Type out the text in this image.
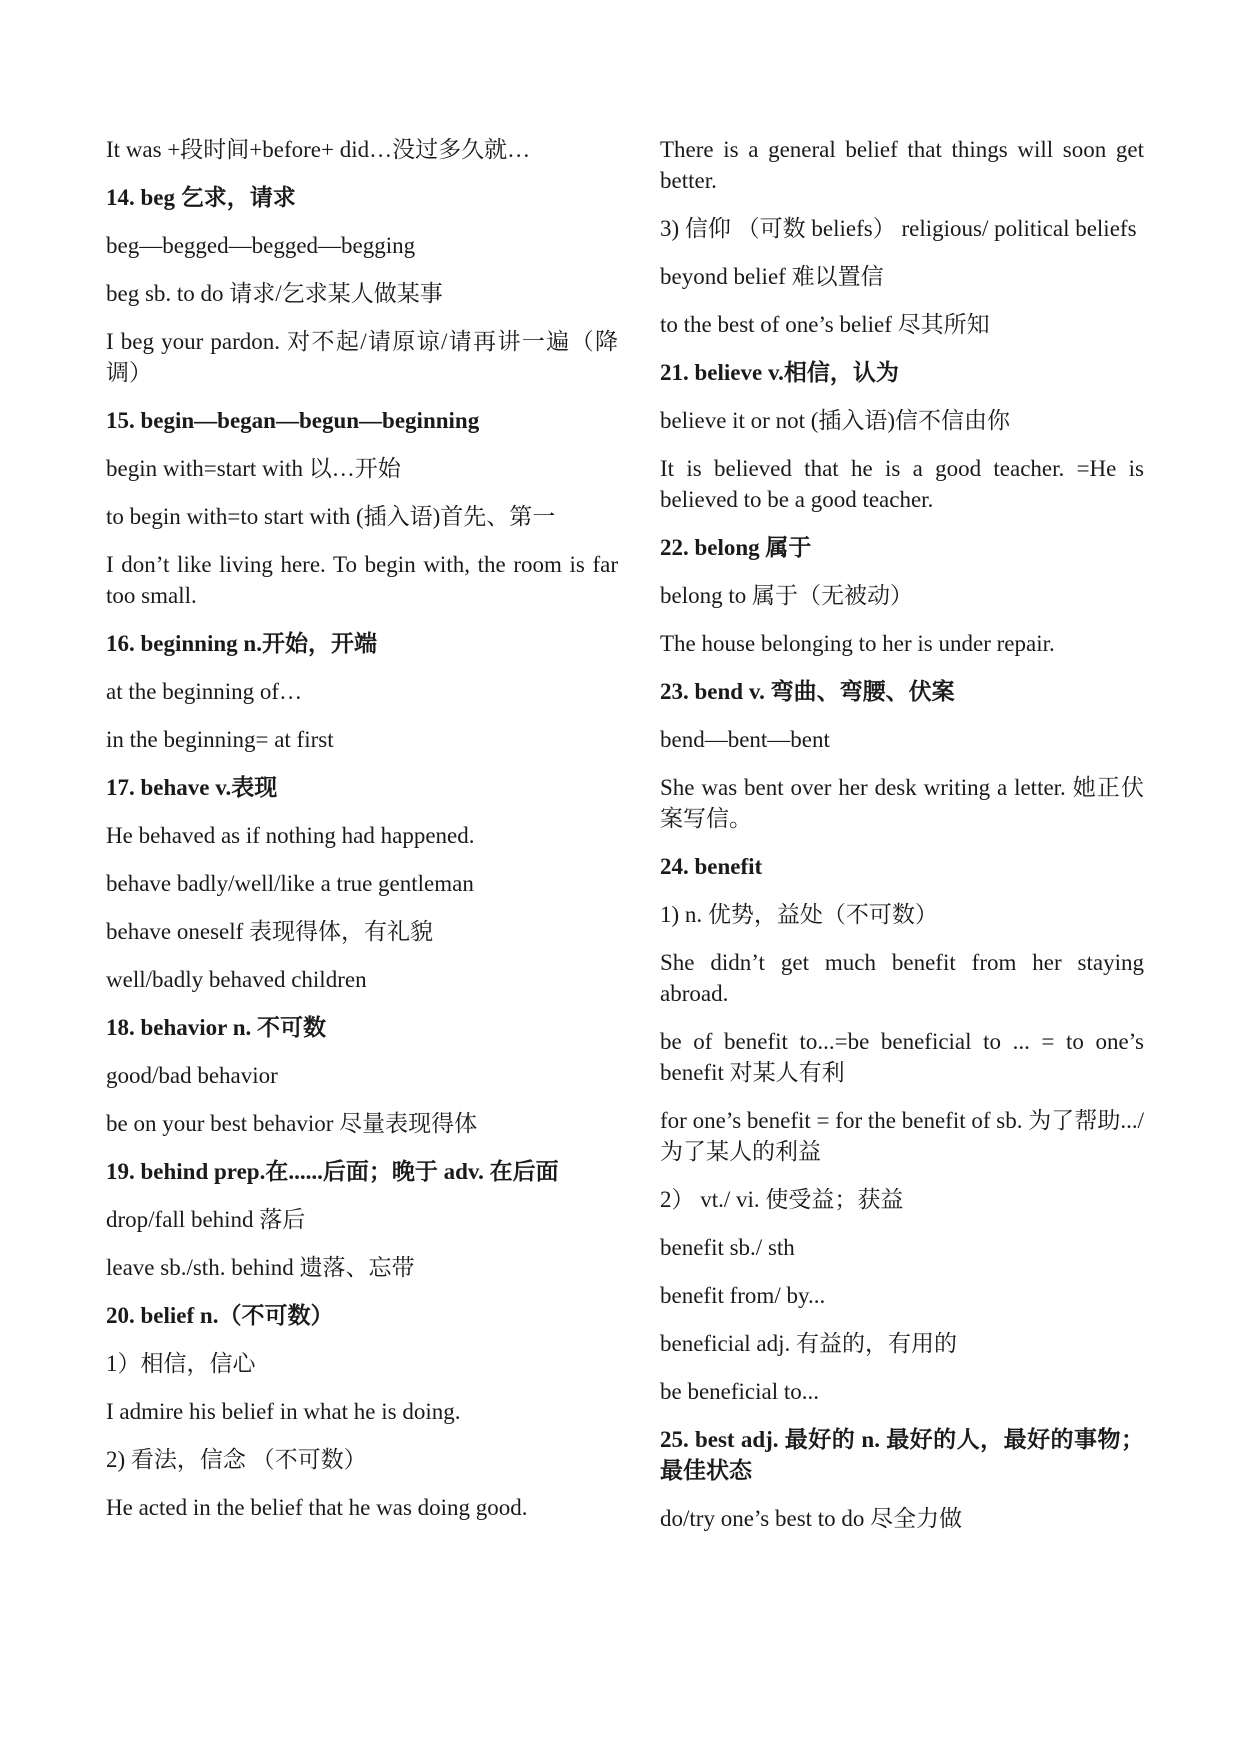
It was +段时间+before+ did…没过多久就…

14. beg 乞求，请求

beg—begged—begged—begging

beg sb. to do 请求/乞求某人做某事

I beg your pardon. 对不起/请原谅/请再讲一遍（降调）

15. begin—began—begun—beginning

begin with=start with 以…开始

to begin with=to start with (插入语)首先、第一

I don’t like living here. To begin with, the room is far too small.

16. beginning n.开始，开端

at the beginning of…

in the beginning= at first

17. behave v.表现

He behaved as if nothing had happened.

behave badly/well/like a true gentleman

behave oneself 表现得体，有礼貌

well/badly behaved children

18. behavior n. 不可数

good/bad behavior

be on your best behavior 尽量表现得体

19. behind prep.在......后面；晚于 adv. 在后面

drop/fall behind 落后

leave sb./sth. behind 遗落、忘带

20. belief n.（不可数）

1）相信，信心

I admire his belief in what he is doing.

2) 看法，信念 （不可数）

He acted in the belief that he was doing good.

There is a general belief that things will soon get better.

3) 信仰 （可数 beliefs） religious/ political beliefs

beyond belief 难以置信

to the best of one’s belief 尽其所知

21. believe v.相信，认为

believe it or not (插入语)信不信由你

It is believed that he is a good teacher. =He is believed to be a good teacher.

22. belong 属于

belong to 属于（无被动）

The house belonging to her is under repair.

23. bend v. 弯曲、弯腰、伏案

bend—bent—bent

She was bent over her desk writing a letter. 她正伏案写信。

24. benefit

1) n. 优势，益处（不可数）

She didn’t get much benefit from her staying abroad.

be of benefit to...=be beneficial to ... = to one’s benefit 对某人有利

for one’s benefit = for the benefit of sb. 为了帮助.../为了某人的利益

2） vt./ vi. 使受益；获益

benefit sb./ sth

benefit from/ by...

beneficial adj. 有益的，有用的

be beneficial to...

25. best adj. 最好的 n. 最好的人，最好的事物；最佳状态

do/try one’s best to do 尽全力做
